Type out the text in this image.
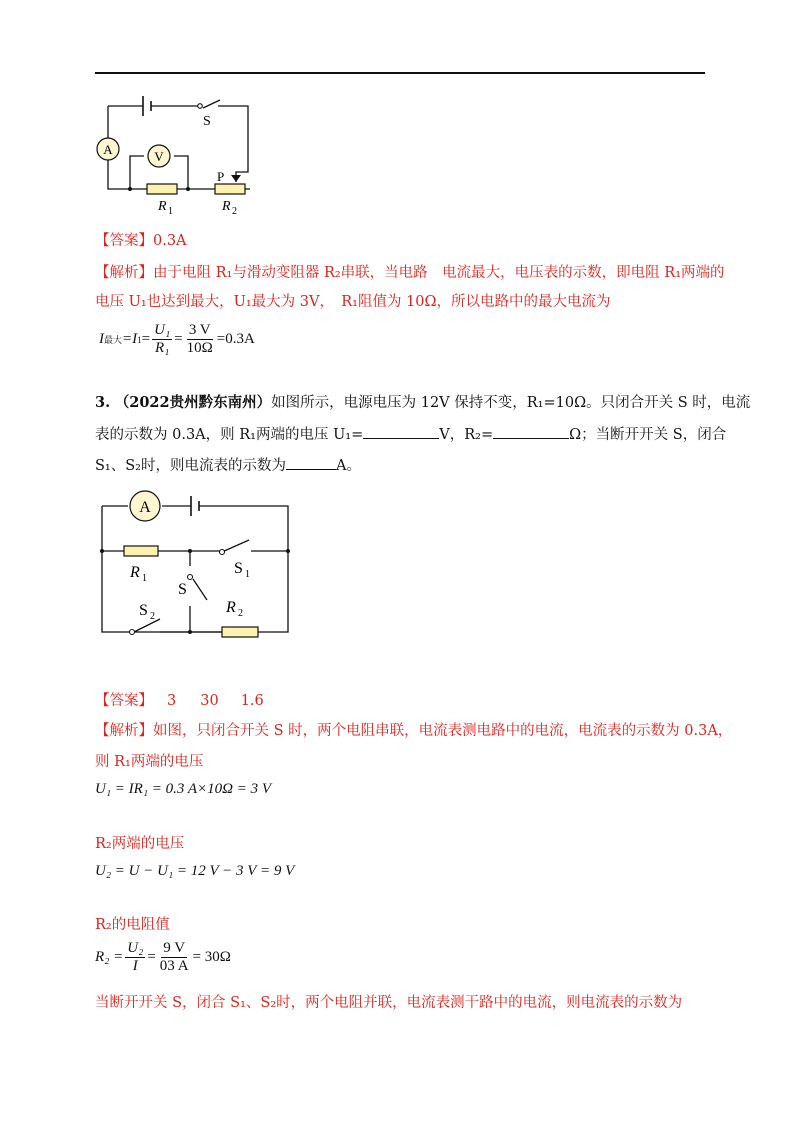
A	V
S
P
R 1	R 2
【答案】0.3A
【解析】由于电阻 R₁与滑动变阻器 R₂串联，当电路　电流最大，电压表的示数，即电阻 R₁两端的
电压 U₁也达到最大，U₁最大为 3V，　R₁阻值为 10Ω，所以电路中的最大电流为
I 最大 =I $1 = \frac{\text{U₁}}{\text{R₁}} = \frac{3 V}{10\Omega} =0.3A$
3. （2022贵州黔东南州）如图所示，电源电压为 12V 保持不变，R₁=10Ω。只闭合开关 S 时，电流
表的示数为 0.3A，则 R₁两端的电压 U₁=	V，R₂=	Ω；当断开开关 S，闭合
S₁、S₂时，则电流表的示数为	A。
A
R 1
S 1
S
S 2
R 2
【答案】 3 30 1.6
【解析】如图，只闭合开关 S 时，两个电阻串联，电流表测电路中的电流，电流表的示数为 0.3A，
则 R₁两端的电压
U₁ = IR₁ = 0.3 A×10Ω = 3 V
R₂两端的电压
U₂ = U − U₁ = 12 V − 3 V = 9 V
R₂的电阻值
$R_2 = \frac{\text{U₂}}{I} = \frac{9 V}{03 A} = 30\Omega$
当断开开关 S，闭合 S₁、S₂时，两个电阻并联，电流表测干路中的电流，则电流表的示数为
